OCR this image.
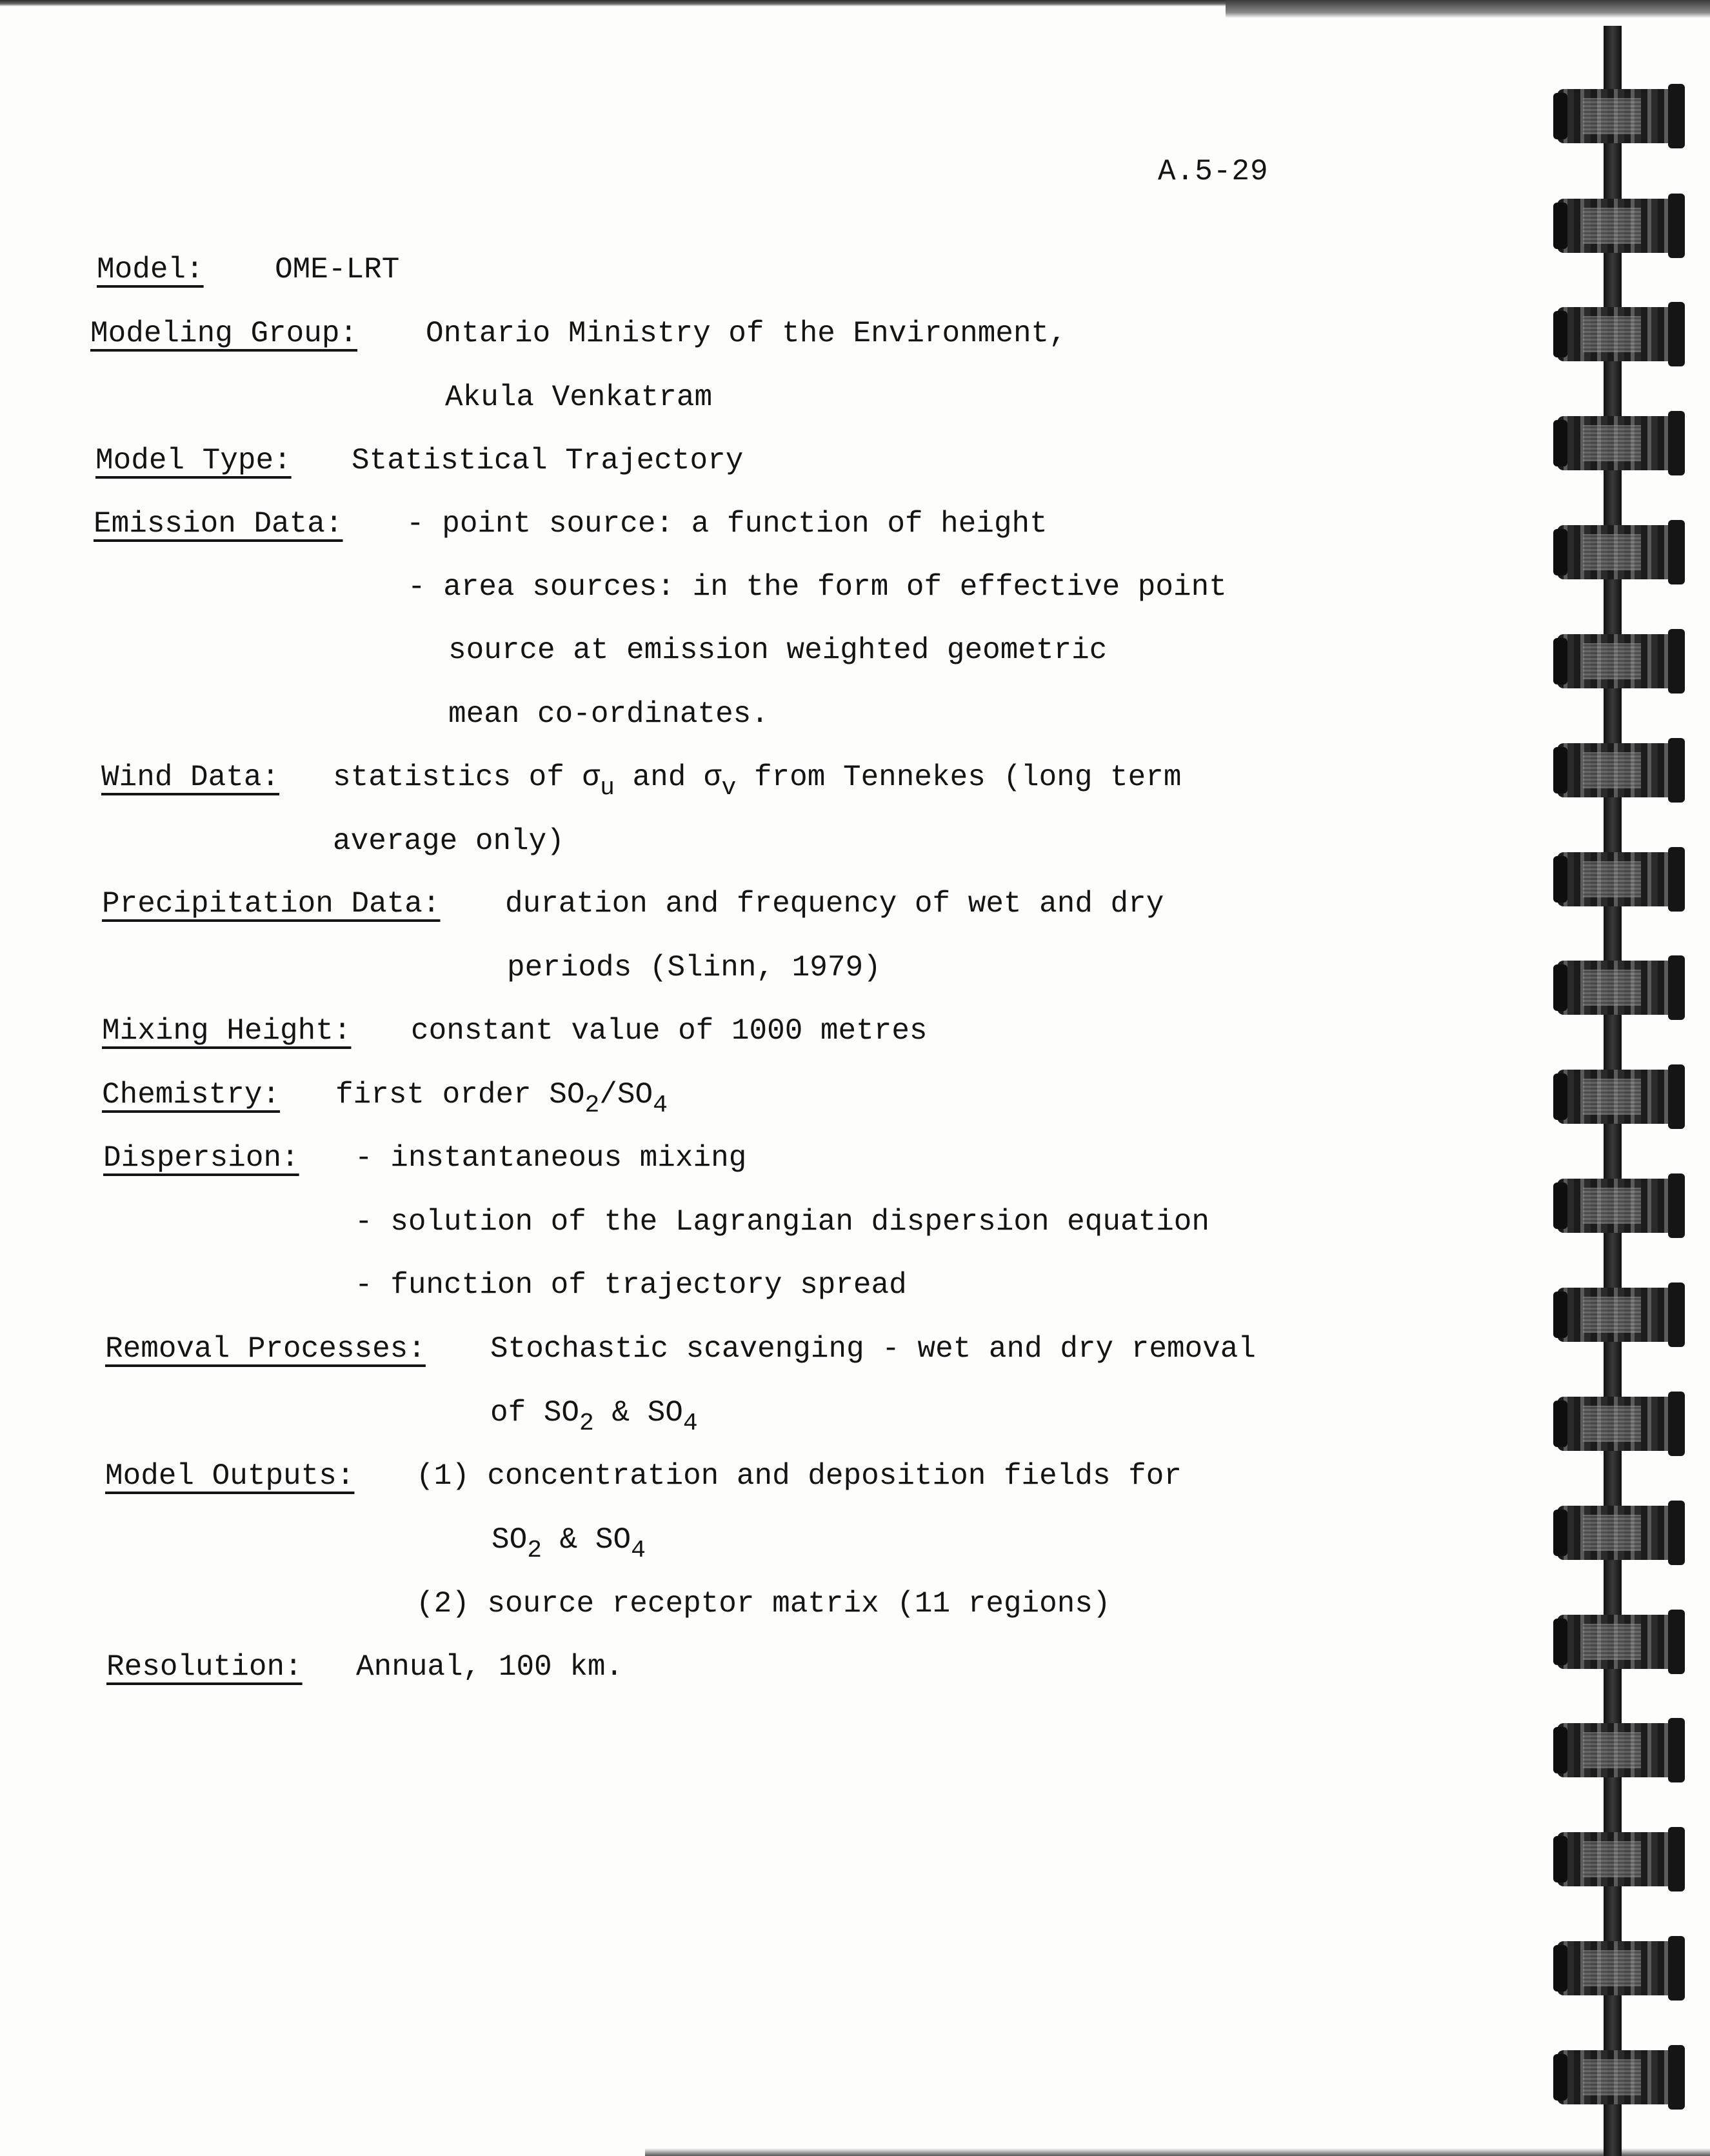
A.5-29
Model: OME-LRT
Modeling Group: Ontario Ministry of the Environment,
Akula Venkatram
Model Type: Statistical Trajectory
Emission Data: - point source: a function of height
- area sources: in the form of effective point
source at emission weighted geometric
mean co-ordinates.
Wind Data: statistics of $\sigma_u$ and $\sigma_v$ from Tennekes (long term
average only)
Precipitation Data: duration and frequency of wet and dry
periods (Slinn, 1979)
Mixing Height: constant value of 1000 metres
Chemistry: first order $SO_2/SO_4$
Dispersion: - instantaneous mixing
- solution of the Lagrangian dispersion equation
- function of trajectory spread
Removal Processes: Stochastic scavenging - wet and dry removal
of $SO_2$ & $SO_4$
Model Outputs: (1) concentration and deposition fields for
$SO_2$ & $SO_4$
(2) source receptor matrix (11 regions)
Resolution: Annual, 100 km.
